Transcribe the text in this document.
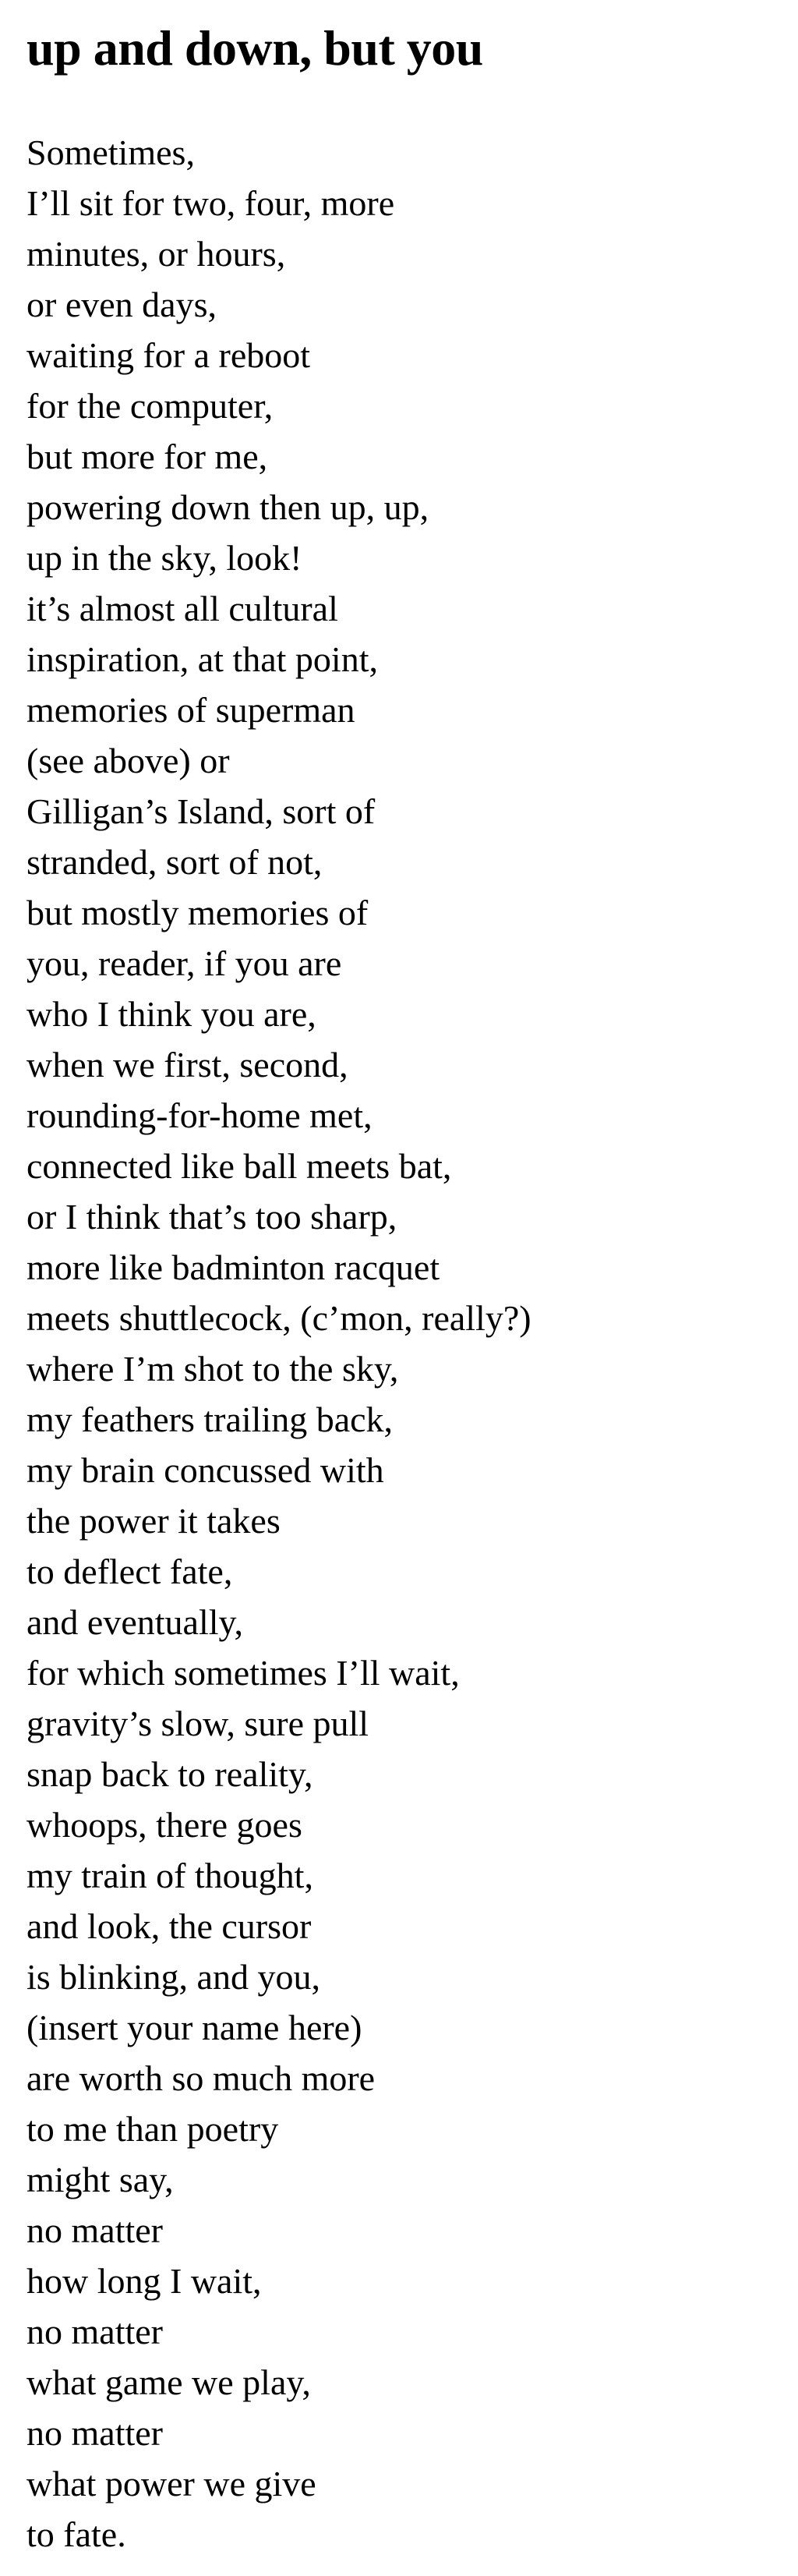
up and down, but you
Sometimes,
I’ll sit for two, four, more
minutes, or hours,
or even days,
waiting for a reboot
for the computer,
but more for me,
powering down then up, up,
up in the sky, look!
it’s almost all cultural
inspiration, at that point,
memories of superman
(see above) or
Gilligan’s Island, sort of
stranded, sort of not,
but mostly memories of
you, reader, if you are
who I think you are,
when we first, second,
rounding-for-home met,
connected like ball meets bat,
or I think that’s too sharp,
more like badminton racquet
meets shuttlecock, (c’mon, really?)
where I’m shot to the sky,
my feathers trailing back,
my brain concussed with
the power it takes
to deflect fate,
and eventually,
for which sometimes I’ll wait,
gravity’s slow, sure pull
snap back to reality,
whoops, there goes
my train of thought,
and look, the cursor
is blinking, and you,
(insert your name here)
are worth so much more
to me than poetry
might say,
no matter
how long I wait,
no matter
what game we play,
no matter
what power we give
to fate.
